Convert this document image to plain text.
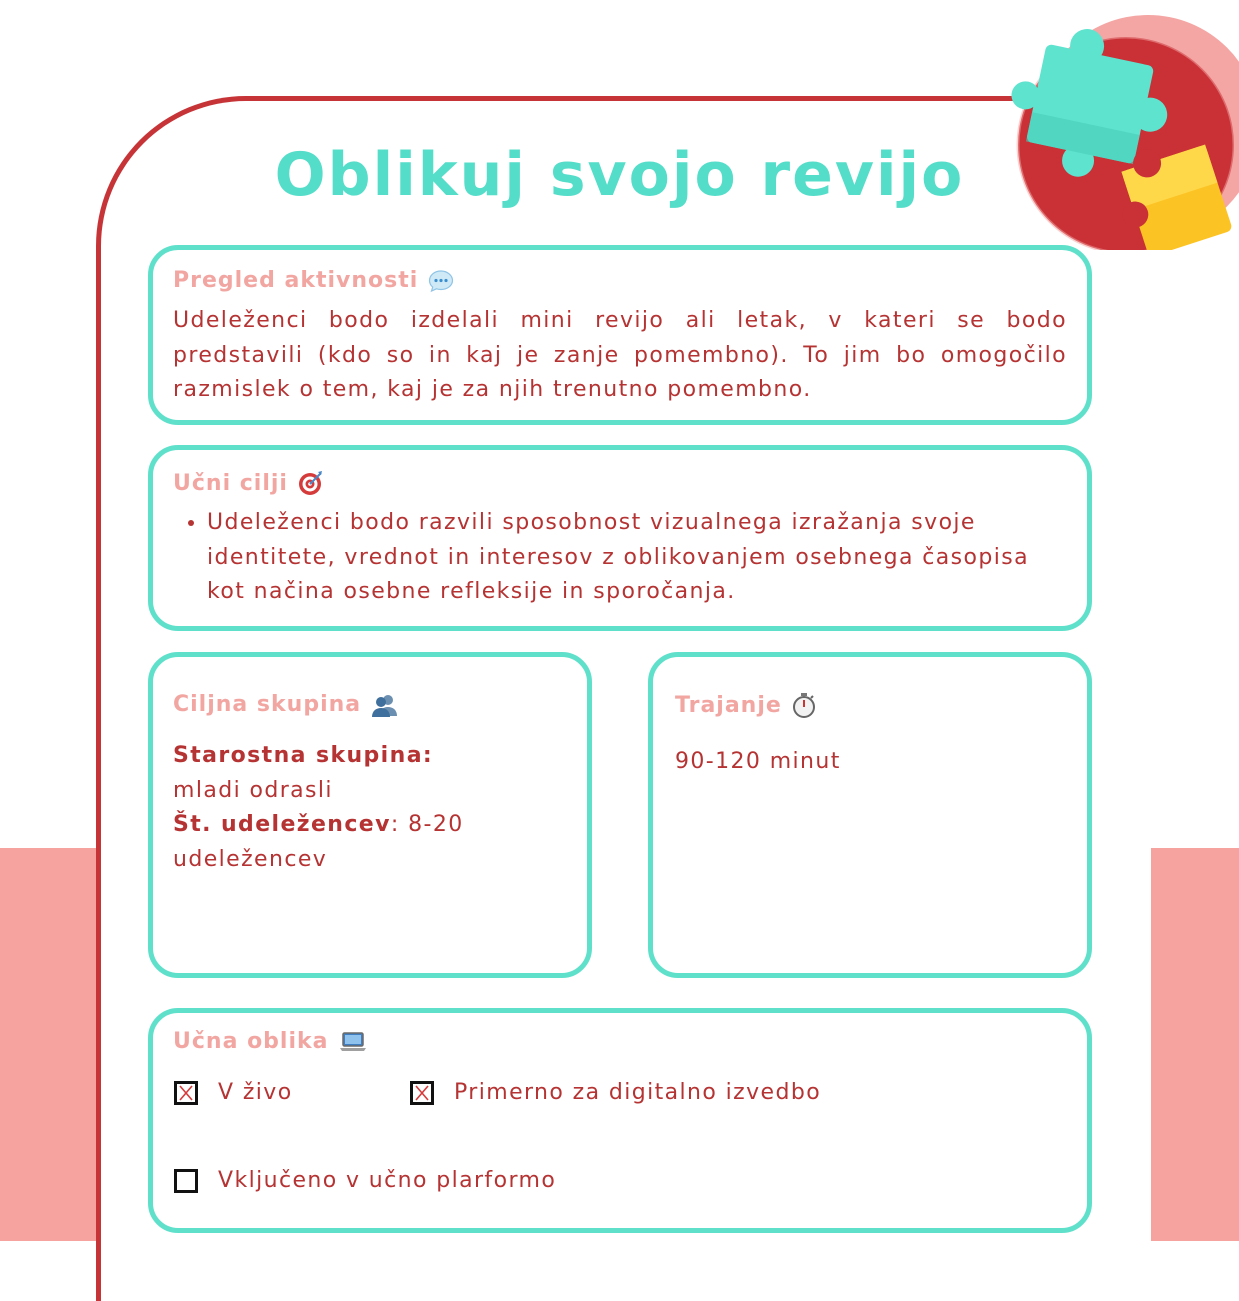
Oblikuj svojo revijo
Pregled aktivnosti
Udeleženci bodo izdelali mini revijo ali letak, v kateri se bodo predstavili (kdo so in kaj je zanje pomembno). To jim bo omogočilo razmislek o tem, kaj je za njih trenutno pomembno.
Učni cilji
• Udeleženci bodo razvili sposobnost vizualnega izražanja svoje identitete, vrednot in interesov z oblikovanjem osebnega časopisa kot načina osebne refleksije in sporočanja.
Ciljna skupina
Starostna skupina: mladi odrasli
Št. udeležencev: 8-20 udeležencev
Trajanje
90-120 minut
Učna oblika
V živo	Primerno za digitalno izvedbo
Vključeno v učno plarformo
